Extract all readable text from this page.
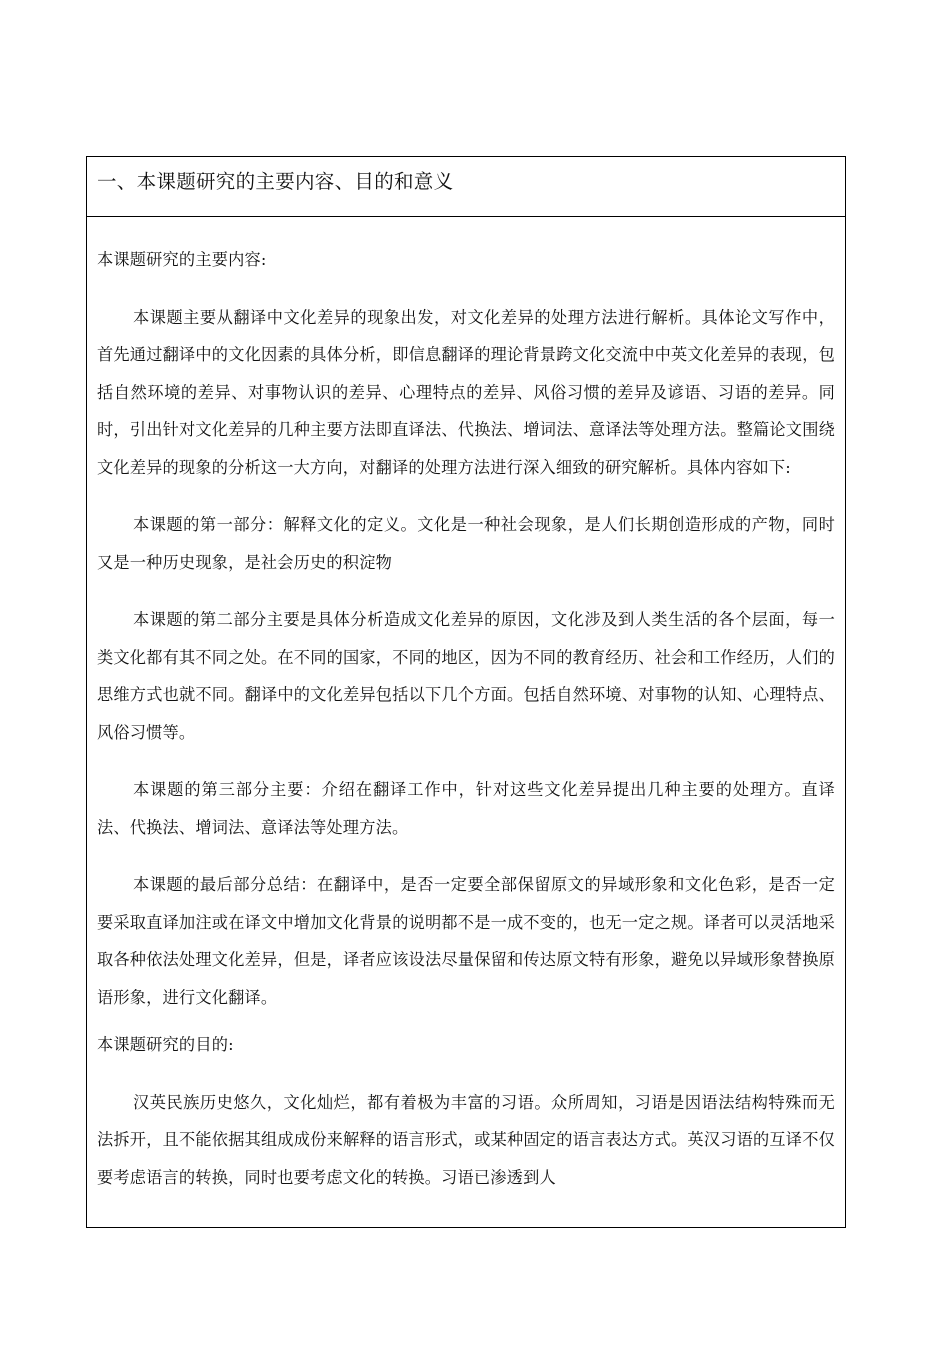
一、本课题研究的主要内容、目的和意义

本课题研究的主要内容:

本课题主要从翻译中文化差异的现象出发，对文化差异的处理方法进行解析。具体论文写作中，首先通过翻译中的文化因素的具体分析，即信息翻译的理论背景跨文化交流中中英文化差异的表现，包括自然环境的差异、对事物认识的差异、心理特点的差异、风俗习惯的差异及谚语、习语的差异。同时，引出针对文化差异的几种主要方法即直译法、代换法、增词法、意译法等处理方法。整篇论文围绕文化差异的现象的分析这一大方向，对翻译的处理方法进行深入细致的研究解析。具体内容如下:

本课题的第一部分：解释文化的定义。文化是一种社会现象，是人们长期创造形成的产物，同时又是一种历史现象，是社会历史的积淀物

本课题的第二部分主要是具体分析造成文化差异的原因，文化涉及到人类生活的各个层面，每一类文化都有其不同之处。在不同的国家，不同的地区，因为不同的教育经历、社会和工作经历，人们的思维方式也就不同。翻译中的文化差异包括以下几个方面。包括自然环境、对事物的认知、心理特点、风俗习惯等。

本课题的第三部分主要：介绍在翻译工作中，针对这些文化差异提出几种主要的处理方。直译法、代换法、增词法、意译法等处理方法。

本课题的最后部分总结：在翻译中，是否一定要全部保留原文的异域形象和文化色彩，是否一定要采取直译加注或在译文中增加文化背景的说明都不是一成不变的，也无一定之规。译者可以灵活地采取各种依法处理文化差异，但是，译者应该设法尽量保留和传达原文特有形象，避免以异域形象替换原语形象，进行文化翻译。

本课题研究的目的:

汉英民族历史悠久，文化灿烂，都有着极为丰富的习语。众所周知，习语是因语法结构特殊而无法拆开，且不能依据其组成成份来解释的语言形式，或某种固定的语言表达方式。英汉习语的互译不仅要考虑语言的转换，同时也要考虑文化的转换。习语已渗透到人
